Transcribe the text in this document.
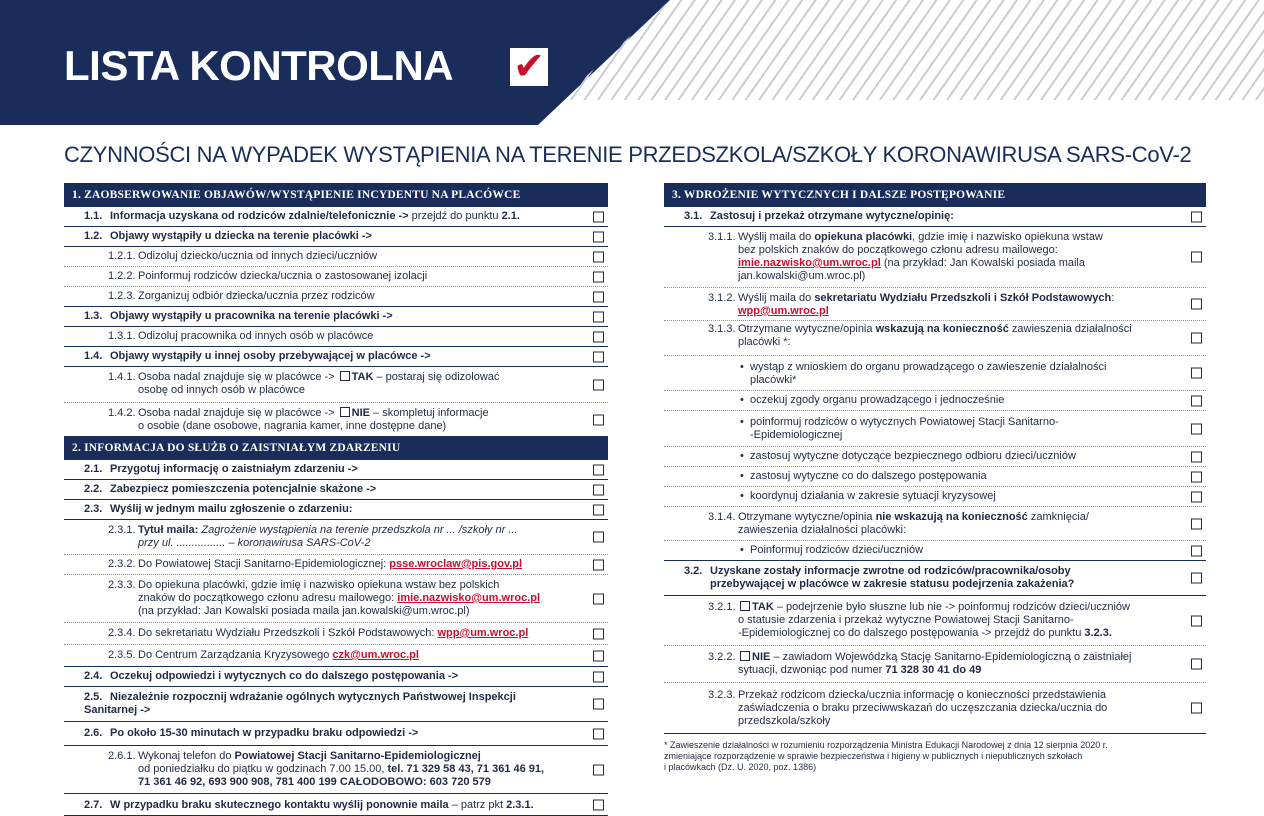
LISTA KONTROLNA ✔
CZYNNOŚCI NA WYPADEK WYSTĄPIENIA NA TERENIE PRZEDSZKOLA/SZKOŁY KORONAWIRUSA SARS-CoV-2
1. ZAOBSERWOWANIE OBJAWÓW/WYSTĄPIENIE INCYDENTU NA PLACÓWCE
1.1. Informacja uzyskana od rodziców zdalnie/telefonicznie -> przejdź do punktu 2.1.
1.2. Objawy wystąpiły u dziecka na terenie placówki ->
1.2.1. Odizoluj dziecko/ucznia od innych dzieci/uczniów
1.2.2. Poinformuj rodziców dziecka/ucznia o zastosowanej izolacji
1.2.3. Zorganizuj odbiór dziecka/ucznia przez rodziców
1.3. Objawy wystąpiły u pracownika na terenie placówki ->
1.3.1. Odizoluj pracownika od innych osób w placówce
1.4. Objawy wystąpiły u innej osoby przebywającej w placówce ->
1.4.1. Osoba nadal znajduje się w placówce -> TAK – postaraj się odizolować
osobę od innych osób w placówce
1.4.2. Osoba nadal znajduje się w placówce -> NIE – skompletuj informacje
o osobie (dane osobowe, nagrania kamer, inne dostępne dane)
2. INFORMACJA DO SŁUŻB O ZAISTNIAŁYM ZDARZENIU
2.1. Przygotuj informację o zaistniałym zdarzeniu ->
2.2. Zabezpiecz pomieszczenia potencjalnie skażone ->
2.3. Wyślij w jednym mailu zgłoszenie o zdarzeniu:
2.3.1. Tytuł maila: Zagrożenie wystąpienia na terenie przedszkola nr ... /szkoły nr ...
przy ul. ................ – koronawirusa SARS-CoV-2
2.3.2. Do Powiatowej Stacji Sanitarno-Epidemiologicznej: psse.wroclaw@pis.gov.pl
2.3.3. Do opiekuna placówki, gdzie imię i nazwisko opiekuna wstaw bez polskich
znaków do początkowego członu adresu mailowego: imie.nazwisko@um.wroc.pl
(na przykład: Jan Kowalski posiada maila jan.kowalski@um.wroc.pl)
2.3.4. Do sekretariatu Wydziału Przedszkoli i Szkół Podstawowych: wpp@um.wroc.pl
2.3.5. Do Centrum Zarządzania Kryzysowego czk@um.wroc.pl
2.4. Oczekuj odpowiedzi i wytycznych co do dalszego postępowania ->
2.5. Niezależnie rozpocznij wdrażanie ogólnych wytycznych Państwowej Inspekcji
Sanitarnej ->
2.6. Po około 15-30 minutach w przypadku braku odpowiedzi ->
2.6.1. Wykonaj telefon do Powiatowej Stacji Sanitarno-Epidemiologicznej
od poniedziałku do piątku w godzinach 7.00 15.00, tel. 71 329 58 43, 71 361 46 91,
71 361 46 92, 693 900 908, 781 400 199 CAŁODOBOWO: 603 720 579
2.7. W przypadku braku skutecznego kontaktu wyślij ponownie maila – patrz pkt 2.3.1.
3. WDROŻENIE WYTYCZNYCH I DALSZE POSTĘPOWANIE
3.1. Zastosuj i przekaż otrzymane wytyczne/opinię:
3.1.1. Wyślij maila do opiekuna placówki, gdzie imię i nazwisko opiekuna wstaw
bez polskich znaków do początkowego członu adresu mailowego:
imie.nazwisko@um.wroc.pl (na przykład: Jan Kowalski posiada maila
jan.kowalski@um.wroc.pl)
3.1.2. Wyślij maila do sekretariatu Wydziału Przedszkoli i Szkół Podstawowych:
wpp@um.wroc.pl
3.1.3. Otrzymane wytyczne/opinia wskazują na konieczność zawieszenia działalności
placówki *:
• wystąp z wnioskiem do organu prowadzącego o zawieszenie działalności
placówki*
• oczekuj zgody organu prowadzącego i jednocześnie
• poinformuj rodziców o wytycznych Powiatowej Stacji Sanitarno-
-Epidemiologicznej
• zastosuj wytyczne dotyczące bezpiecznego odbioru dzieci/uczniów
• zastosuj wytyczne co do dalszego postępowania
• koordynuj działania w zakresie sytuacji kryzysowej
3.1.4. Otrzymane wytyczne/opinia nie wskazują na konieczność zamknięcia/
zawieszenia działalności placówki:
• Poinformuj rodziców dzieci/uczniów
3.2. Uzyskane zostały informacje zwrotne od rodziców/pracownika/osoby
przebywającej w placówce w zakresie statusu podejrzenia zakażenia?
3.2.1. TAK – podejrzenie było słuszne lub nie -> poinformuj rodziców dzieci/uczniów
o statusie zdarzenia i przekaż wytyczne Powiatowej Stacji Sanitarno-
-Epidemiologicznej co do dalszego postępowania -> przejdź do punktu 3.2.3.
3.2.2. NIE – zawiadom Wojewódzką Stację Sanitarno-Epidemiologiczną o zaistniałej
sytuacji, dzwoniąc pod numer 71 328 30 41 do 49
3.2.3. Przekaż rodzicom dziecka/ucznia informację o konieczności przedstawienia
zaświadczenia o braku przeciwwskazań do uczęszczania dziecka/ucznia do
przedszkola/szkoły
* Zawieszenie działalności w rozumieniu rozporządzenia Ministra Edukacji Narodowej z dnia 12 sierpnia 2020 r.
zmieniające rozporządzenie w sprawie bezpieczeństwa i higieny w publicznych i niepublicznych szkołach
i placówkach (Dz. U. 2020, poz. 1386)
